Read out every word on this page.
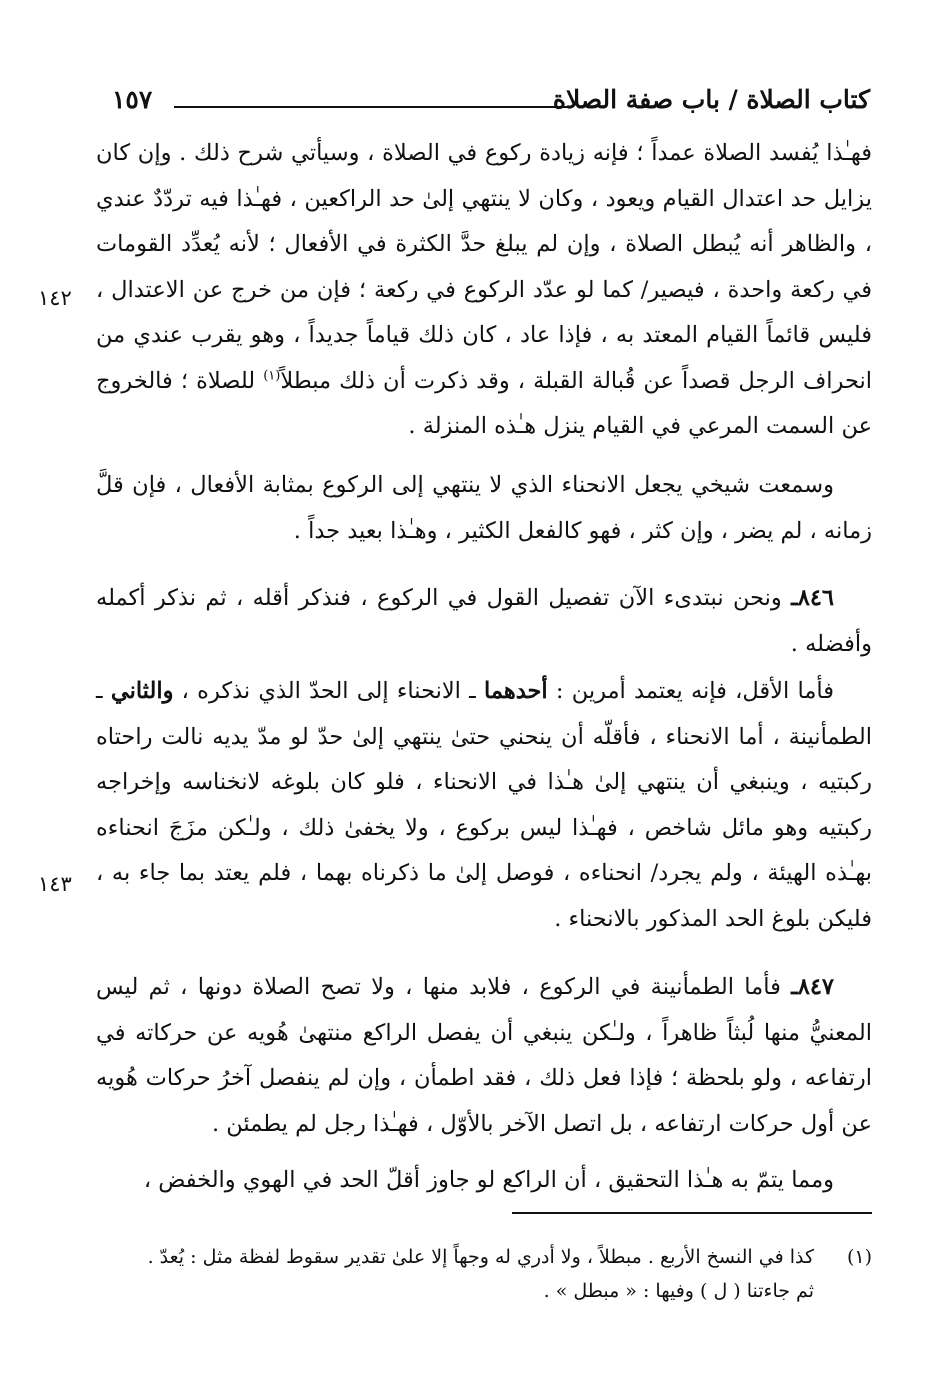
كتاب الصلاة / باب صفة الصلاة
١٥٧
١٤٢
١٤٣

فهـٰذا يُفسد الصلاة عمداً ؛ فإنه زيادة ركوع في الصلاة ، وسيأتي شرح ذلك . وإن كان يزايل حد اعتدال القيام ويعود ، وكان لا ينتهي إلىٰ حد الراكعين ، فهـٰذا فيه تردّدٌ عندي ، والظاهر أنه يُبطل الصلاة ، وإن لم يبلغ حدَّ الكثرة في الأفعال ؛ لأنه يُعدِّد القومات في ركعة واحدة ، فيصير/ كما لو عدّد الركوع في ركعة ؛ فإن من خرج عن الاعتدال ، فليس قائماً القيام المعتد به ، فإذا عاد ، كان ذلك قياماً جديداً ، وهو يقرب عندي من انحراف الرجل قصداً عن قُبالة القبلة ، وقد ذكرت أن ذلك مبطلاً$^{(١)}$ للصلاة ؛ فالخروج عن السمت المرعي في القيام ينزل هـٰذه المنزلة .

وسمعت شيخي يجعل الانحناء الذي لا ينتهي إلى الركوع بمثابة الأفعال ، فإن قلَّ زمانه ، لم يضر ، وإن كثر ، فهو كالفعل الكثير ، وهـٰذا بعيد جداً .

٨٤٦ـ ونحن نبتدىء الآن تفصيل القول في الركوع ، فنذكر أقله ، ثم نذكر أكمله وأفضله .

فأما الأقل، فإنه يعتمد أمرين : أحدهما ـ الانحناء إلى الحدّ الذي نذكره ، والثاني ـ الطمأنينة ، أما الانحناء ، فأقلّه أن ينحني حتىٰ ينتهي إلىٰ حدّ لو مدّ يديه نالت راحتاه ركبتيه ، وينبغي أن ينتهي إلىٰ هـٰذا في الانحناء ، فلو كان بلوغه لانخناسه وإخراجه ركبتيه وهو مائل شاخص ، فهـٰذا ليس بركوع ، ولا يخفىٰ ذلك ، ولـٰكن مزَجَ انحناءه بهـٰذه الهيئة ، ولم يجرد/ انحناءه ، فوصل إلىٰ ما ذكرناه بهما ، فلم يعتد بما جاء به ، فليكن بلوغ الحد المذكور بالانحناء .

٨٤٧ـ فأما الطمأنينة في الركوع ، فلابد منها ، ولا تصح الصلاة دونها ، ثم ليس المعنيُّ منها لُبثاً ظاهراً ، ولـٰكن ينبغي أن يفصل الراكع منتهىٰ هُويه عن حركاته في ارتفاعه ، ولو بلحظة ؛ فإذا فعل ذلك ، فقد اطمأن ، وإن لم ينفصل آخرُ حركات هُويه عن أول حركات ارتفاعه ، بل اتصل الآخر بالأوّل ، فهـٰذا رجل لم يطمئن .

ومما يتمّ به هـٰذا التحقيق ، أن الراكع لو جاوز أقلّ الحد في الهوي والخفض ،

(١)كذا في النسخ الأربع . مبطلاً ، ولا أدري له وجهاً إلا علىٰ تقدير سقوط لفظة مثل : يُعدّ .

ثم جاءتنا ( ل ) وفيها : « مبطل » .
